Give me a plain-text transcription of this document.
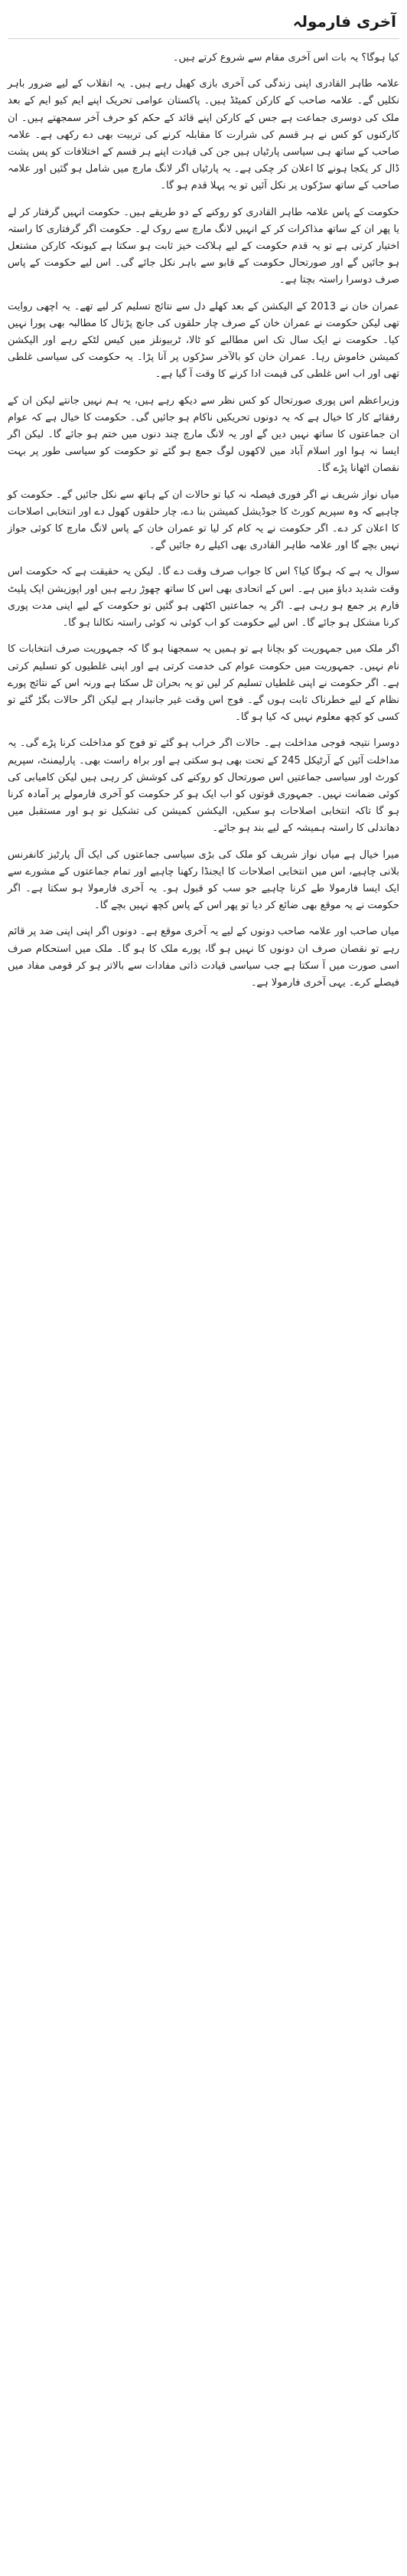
آخری فارمولہ

کیا ہوگا؟ یہ بات اس آخری مقام سے شروع کرتے ہیں۔

علامہ طاہر القادری اپنی زندگی کی آخری بازی کھیل رہے ہیں۔ یہ انقلاب کے لیے ضرور باہر نکلیں گے۔ علامہ صاحب کے کارکن کمیٹڈ ہیں۔ پاکستان عوامی تحریک اپنے ایم کیو ایم کے بعد ملک کی دوسری جماعت ہے جس کے کارکن اپنے قائد کے حکم کو حرف آخر سمجھتے ہیں۔ ان کارکنوں کو کس نے ہر قسم کی شرارت کا مقابلہ کرنے کی تربیت بھی دے رکھی ہے۔ علامہ صاحب کے ساتھ ہی سیاسی پارٹیاں ہیں جن کی قیادت اپنے ہر قسم کے اختلافات کو پس پشت ڈال کر یکجا ہونے کا اعلان کر چکی ہے۔ یہ پارٹیاں اگر لانگ مارچ میں شامل ہو گئیں اور علامہ صاحب کے ساتھ سڑکوں پر نکل آئیں تو یہ پہلا قدم ہو گا۔

حکومت کے پاس علامہ طاہر القادری کو روکنے کے دو طریقے ہیں۔ حکومت انہیں گرفتار کر لے یا پھر ان کے ساتھ مذاکرات کر کے انہیں لانگ مارچ سے روک لے۔ حکومت اگر گرفتاری کا راستہ اختیار کرتی ہے تو یہ قدم حکومت کے لیے ہلاکت خیز ثابت ہو سکتا ہے کیونکہ کارکن مشتعل ہو جائیں گے اور صورتحال حکومت کے قابو سے باہر نکل جائے گی۔ اس لیے حکومت کے پاس صرف دوسرا راستہ بچتا ہے۔

عمران خان نے 2013 کے الیکشن کے بعد کھلے دل سے نتائج تسلیم کر لیے تھے۔ یہ اچھی روایت تھی لیکن حکومت نے عمران خان کے صرف چار حلقوں کی جانچ پڑتال کا مطالبہ بھی پورا نہیں کیا۔ حکومت نے ایک سال تک اس مطالبے کو ٹالا، ٹربیونلز میں کیس لٹکے رہے اور الیکشن کمیشن خاموش رہا۔ عمران خان کو بالآخر سڑکوں پر آنا پڑا۔ یہ حکومت کی سیاسی غلطی تھی اور اب اس غلطی کی قیمت ادا کرنے کا وقت آ گیا ہے۔

وزیراعظم اس پوری صورتحال کو کس نظر سے دیکھ رہے ہیں، یہ ہم نہیں جانتے لیکن ان کے رفقائے کار کا خیال ہے کہ یہ دونوں تحریکیں ناکام ہو جائیں گی۔ حکومت کا خیال ہے کہ عوام ان جماعتوں کا ساتھ نہیں دیں گے اور یہ لانگ مارچ چند دنوں میں ختم ہو جائے گا۔ لیکن اگر ایسا نہ ہوا اور اسلام آباد میں لاکھوں لوگ جمع ہو گئے تو حکومت کو سیاسی طور پر بہت نقصان اٹھانا پڑے گا۔

میاں نواز شریف نے اگر فوری فیصلہ نہ کیا تو حالات ان کے ہاتھ سے نکل جائیں گے۔ حکومت کو چاہیے کہ وہ سپریم کورٹ کا جوڈیشل کمیشن بنا دے، چار حلقوں کھول دے اور انتخابی اصلاحات کا اعلان کر دے۔ اگر حکومت نے یہ کام کر لیا تو عمران خان کے پاس لانگ مارچ کا کوئی جواز نہیں بچے گا اور علامہ طاہر القادری بھی اکیلے رہ جائیں گے۔

سوال یہ ہے کہ ہوگا کیا؟ اس کا جواب صرف وقت دے گا۔ لیکن یہ حقیقت ہے کہ حکومت اس وقت شدید دباؤ میں ہے۔ اس کے اتحادی بھی اس کا ساتھ چھوڑ رہے ہیں اور اپوزیشن ایک پلیٹ فارم پر جمع ہو رہی ہے۔ اگر یہ جماعتیں اکٹھی ہو گئیں تو حکومت کے لیے اپنی مدت پوری کرنا مشکل ہو جائے گا۔ اس لیے حکومت کو اب کوئی نہ کوئی راستہ نکالنا ہو گا۔

اگر ملک میں جمہوریت کو بچانا ہے تو ہمیں یہ سمجھنا ہو گا کہ جمہوریت صرف انتخابات کا نام نہیں۔ جمہوریت میں حکومت عوام کی خدمت کرتی ہے اور اپنی غلطیوں کو تسلیم کرتی ہے۔ اگر حکومت نے اپنی غلطیاں تسلیم کر لیں تو یہ بحران ٹل سکتا ہے ورنہ اس کے نتائج پورے نظام کے لیے خطرناک ثابت ہوں گے۔ فوج اس وقت غیر جانبدار ہے لیکن اگر حالات بگڑ گئے تو کسی کو کچھ معلوم نہیں کہ کیا ہو گا۔

دوسرا نتیجہ فوجی مداخلت ہے۔ حالات اگر خراب ہو گئے تو فوج کو مداخلت کرنا پڑے گی۔ یہ مداخلت آئین کے آرٹیکل 245 کے تحت بھی ہو سکتی ہے اور براہ راست بھی۔ پارلیمنٹ، سپریم کورٹ اور سیاسی جماعتیں اس صورتحال کو روکنے کی کوشش کر رہی ہیں لیکن کامیابی کی کوئی ضمانت نہیں۔ جمہوری قوتوں کو اب ایک ہو کر حکومت کو آخری فارمولے پر آمادہ کرنا ہو گا تاکہ انتخابی اصلاحات ہو سکیں، الیکشن کمیشن کی تشکیل نو ہو اور مستقبل میں دھاندلی کا راستہ ہمیشہ کے لیے بند ہو جائے۔

میرا خیال ہے میاں نواز شریف کو ملک کی بڑی سیاسی جماعتوں کی ایک آل پارٹیز کانفرنس بلانی چاہیے، اس میں انتخابی اصلاحات کا ایجنڈا رکھنا چاہیے اور تمام جماعتوں کے مشورے سے ایک ایسا فارمولا طے کرنا چاہیے جو سب کو قبول ہو۔ یہ آخری فارمولا ہو سکتا ہے۔ اگر حکومت نے یہ موقع بھی ضائع کر دیا تو پھر اس کے پاس کچھ نہیں بچے گا۔

میاں صاحب اور علامہ صاحب دونوں کے لیے یہ آخری موقع ہے۔ دونوں اگر اپنی اپنی ضد پر قائم رہے تو نقصان صرف ان دونوں کا نہیں ہو گا، پورے ملک کا ہو گا۔ ملک میں استحکام صرف اسی صورت میں آ سکتا ہے جب سیاسی قیادت ذاتی مفادات سے بالاتر ہو کر قومی مفاد میں فیصلے کرے۔ یہی آخری فارمولا ہے۔
